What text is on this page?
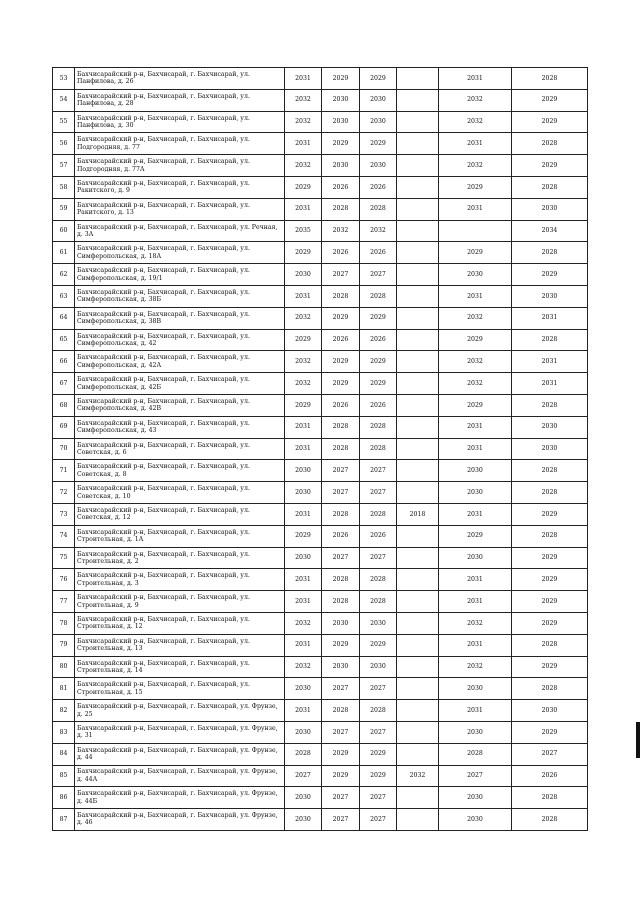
53	Бахчисарайский р-н, Бахчисарай, г. Бахчисарай, ул. Панфилова, д. 26	2031	2029	2029		2031	2028
54	Бахчисарайский р-н, Бахчисарай, г. Бахчисарай, ул. Панфилова, д. 28	2032	2030	2030		2032	2029
55	Бахчисарайский р-н, Бахчисарай, г. Бахчисарай, ул. Панфилова, д. 30	2032	2030	2030		2032	2029
56	Бахчисарайский р-н, Бахчисарай, г. Бахчисарай, ул. Подгородняя, д. 77	2031	2029	2029		2031	2028
57	Бахчисарайский р-н, Бахчисарай, г. Бахчисарай, ул. Подгородняя, д. 77А	2032	2030	2030		2032	2029
58	Бахчисарайский р-н, Бахчисарай, г. Бахчисарай, ул. Ракитского, д. 9	2029	2026	2026		2029	2028
59	Бахчисарайский р-н, Бахчисарай, г. Бахчисарай, ул. Ракитского, д. 13	2031	2028	2028		2031	2030
60	Бахчисарайский р-н, Бахчисарай, г. Бахчисарай, ул. Речная, д. 3А	2035	2032	2032			2034
61	Бахчисарайский р-н, Бахчисарай, г. Бахчисарай, ул. Симферопольская, д. 18А	2029	2026	2026		2029	2028
62	Бахчисарайский р-н, Бахчисарай, г. Бахчисарай, ул. Симферопольская, д. 19/1	2030	2027	2027		2030	2029
63	Бахчисарайский р-н, Бахчисарай, г. Бахчисарай, ул. Симферопольская, д. 38Б	2031	2028	2028		2031	2030
64	Бахчисарайский р-н, Бахчисарай, г. Бахчисарай, ул. Симферопольская, д. 38В	2032	2029	2029		2032	2031
65	Бахчисарайский р-н, Бахчисарай, г. Бахчисарай, ул. Симферопольская, д. 42	2029	2026	2026		2029	2028
66	Бахчисарайский р-н, Бахчисарай, г. Бахчисарай, ул. Симферопольская, д. 42А	2032	2029	2029		2032	2031
67	Бахчисарайский р-н, Бахчисарай, г. Бахчисарай, ул. Симферопольская, д. 42Б	2032	2029	2029		2032	2031
68	Бахчисарайский р-н, Бахчисарай, г. Бахчисарай, ул. Симферопольская, д. 42В	2029	2026	2026		2029	2028
69	Бахчисарайский р-н, Бахчисарай, г. Бахчисарай, ул. Симферопольская, д. 43	2031	2028	2028		2031	2030
70	Бахчисарайский р-н, Бахчисарай, г. Бахчисарай, ул. Советская, д. 6	2031	2028	2028		2031	2030
71	Бахчисарайский р-н, Бахчисарай, г. Бахчисарай, ул. Советская, д. 8	2030	2027	2027		2030	2028
72	Бахчисарайский р-н, Бахчисарай, г. Бахчисарай, ул. Советская, д. 10	2030	2027	2027		2030	2028
73	Бахчисарайский р-н, Бахчисарай, г. Бахчисарай, ул. Советская, д. 12	2031	2028	2028	2018	2031	2029
74	Бахчисарайский р-н, Бахчисарай, г. Бахчисарай, ул. Строительная, д. 1А	2029	2026	2026		2029	2028
75	Бахчисарайский р-н, Бахчисарай, г. Бахчисарай, ул. Строительная, д. 2	2030	2027	2027		2030	2029
76	Бахчисарайский р-н, Бахчисарай, г. Бахчисарай, ул. Строительная, д. 3	2031	2028	2028		2031	2029
77	Бахчисарайский р-н, Бахчисарай, г. Бахчисарай, ул. Строительная, д. 9	2031	2028	2028		2031	2029
78	Бахчисарайский р-н, Бахчисарай, г. Бахчисарай, ул. Строительная, д. 12	2032	2030	2030		2032	2029
79	Бахчисарайский р-н, Бахчисарай, г. Бахчисарай, ул. Строительная, д. 13	2031	2029	2029		2031	2028
80	Бахчисарайский р-н, Бахчисарай, г. Бахчисарай, ул. Строительная, д. 14	2032	2030	2030		2032	2029
81	Бахчисарайский р-н, Бахчисарай, г. Бахчисарай, ул. Строительная, д. 15	2030	2027	2027		2030	2028
82	Бахчисарайский р-н, Бахчисарай, г. Бахчисарай, ул. Фрунзе, д. 25	2031	2028	2028		2031	2030
83	Бахчисарайский р-н, Бахчисарай, г. Бахчисарай, ул. Фрунзе, д. 31	2030	2027	2027		2030	2029
84	Бахчисарайский р-н, Бахчисарай, г. Бахчисарай, ул. Фрунзе, д. 44	2028	2029	2029		2028	2027
85	Бахчисарайский р-н, Бахчисарай, г. Бахчисарай, ул. Фрунзе, д. 44А	2027	2029	2029	2032	2027	2026
86	Бахчисарайский р-н, Бахчисарай, г. Бахчисарай, ул. Фрунзе, д. 44Б	2030	2027	2027		2030	2028
87	Бахчисарайский р-н, Бахчисарай, г. Бахчисарай, ул. Фрунзе, д. 46	2030	2027	2027		2030	2028
